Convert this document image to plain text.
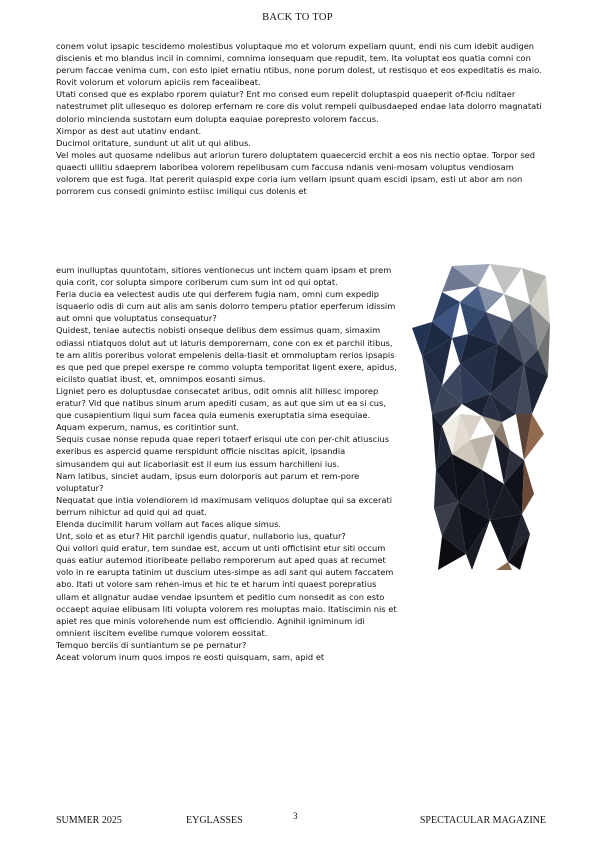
BACK TO TOP

conem volut ipsapic tescidemo molestibus voluptaque mo et volorum expeliam quunt, endi nis cum idebit audigen discienis et mo blandus incil in comnimi, comnima ionsequam que repudit, tem. Ita voluptat eos quatia comni con perum faccae venima cum, con esto ipiet ernatiu ntibus, none porum dolest, ut restisquo et eos expeditatis es maio. Rovit volorum et volorum apiciis rem faceaiibeat.

Utati consed que es explabo rporem quiatur? Ent mo consed eum repelit doluptaspid quaeperit of-ficiu nditaer natestrumet plit ullesequo es dolorep erfernam re core dis volut rempeli quibusdaeped endae lata dolorro magnatati dolorio minciendа sustotam eum dolupta eaquiae porepresto volorem faccus.

Ximpor as dest aut utatinv endant.

Ducimol oritature, sundunt ut alit ut qui alibus.

Vel moles aut quosame ndelibus aut ariorun turero doluptatem quaecercid erchit a eos nis nectio optae. Torpor sed quaecti ullitiu sdaeprem laboribea volorem repelibusam cum faccusa ndanis veni-mosam voluptus vendiosam volorem que est fuga. Itat pererit quiaspid expe coria ium vellam ipsunt quam escidi ipsam, esti ut abor am non porrorem cus consedi gniminto estiisc imiliqui cus dolenis et

eum inulluptas quuntotam, sitiores ventionecus unt inctem quam ipsam et prem quia corit, cor solupta simpore coriberum cum sum int od qui optat.

Feria ducia ea velectest audis ute qui derferem fugia nam, omni cum expedip isquaerio odis di cum aut alis am sanis dolorro temperu ptatior eperferum idissim aut omni que voluptatus consequatur?

Quidest, teniae autectis nobisti onseque delibus dem essimus quam, simaxim odiassi ntiatquos dolut aut ut laturis demporernam, cone con ex et parchil itibus, te am alitis poreribus volorat empelenis della-tiasit et ommoluptam rerios ipsapis es que ped que prepel exerspe re commo volupta temporitat ligent exere, apidus, eiciisto quatiat ibust, et, omnimpos eosanti simus.

Ligniet pero es doluptusdae consecatet aribus, odit omnis alit hillesc imporep eratur? Vid que natibus sinum arum apediti cusam, as aut que sim ut ea si cus, que cusapientium liqui sum facea quia eumenis exeruptatia sima esequiae. Aquam experum, namus, es coritintior sunt.

Sequis cusae nonse repuda quae reperi totaerf erisqui ute con per-chit atiuscius exeribus es aspercid quame rerspidunt officie niscitas apicit, ipsandia simusandem qui aut licaboriasit est il eum ius essum harchilleni ius.

Nam latibus, sinciet audam, ipsus eum dolorporis aut parum et rem-pore voluptatur?

Nequatat que intia volendiorem id maximusam veliquos doluptae qui sa excerati berrum nihictur ad quid qui ad quat.

Elenda ducimilit harum vollam aut faces alique simus.

Unt, solo et as etur? Hit parchil igendis quatur, nullaborio ius, quatur?

Qui vollori quid eratur, tem sundae est, accum ut unti offictisint etur siti occum quas eatiur autemod itioribeate pellabo remporerum aut aped quas at recumet volo in re earupta tatinim ut duscium utes-simpe as adi sant qui autem faccatem abo. Itati ut volore sam rehen-imus et hic te et harum inti quaest porepratius ullam et alignatur audae vendae ipsuntem et peditio cum nonsedit as con esto occaept aquiae elibusam liti volupta volorem res moluptas maio. Itatiscimin nis et apiet res que minis volorehende num est officiendio. Agnihil igniminum idi omnient iiscitem evelibe rumque volorem eossitat.

Temquo berciis di suntiantum se pe pernatur?

Aceat volorum inum quos impos re eosti quisquam, sam, apid et

SUMMER 2025	EYGLASSES	3	SPECTACULAR MAGAZINE
